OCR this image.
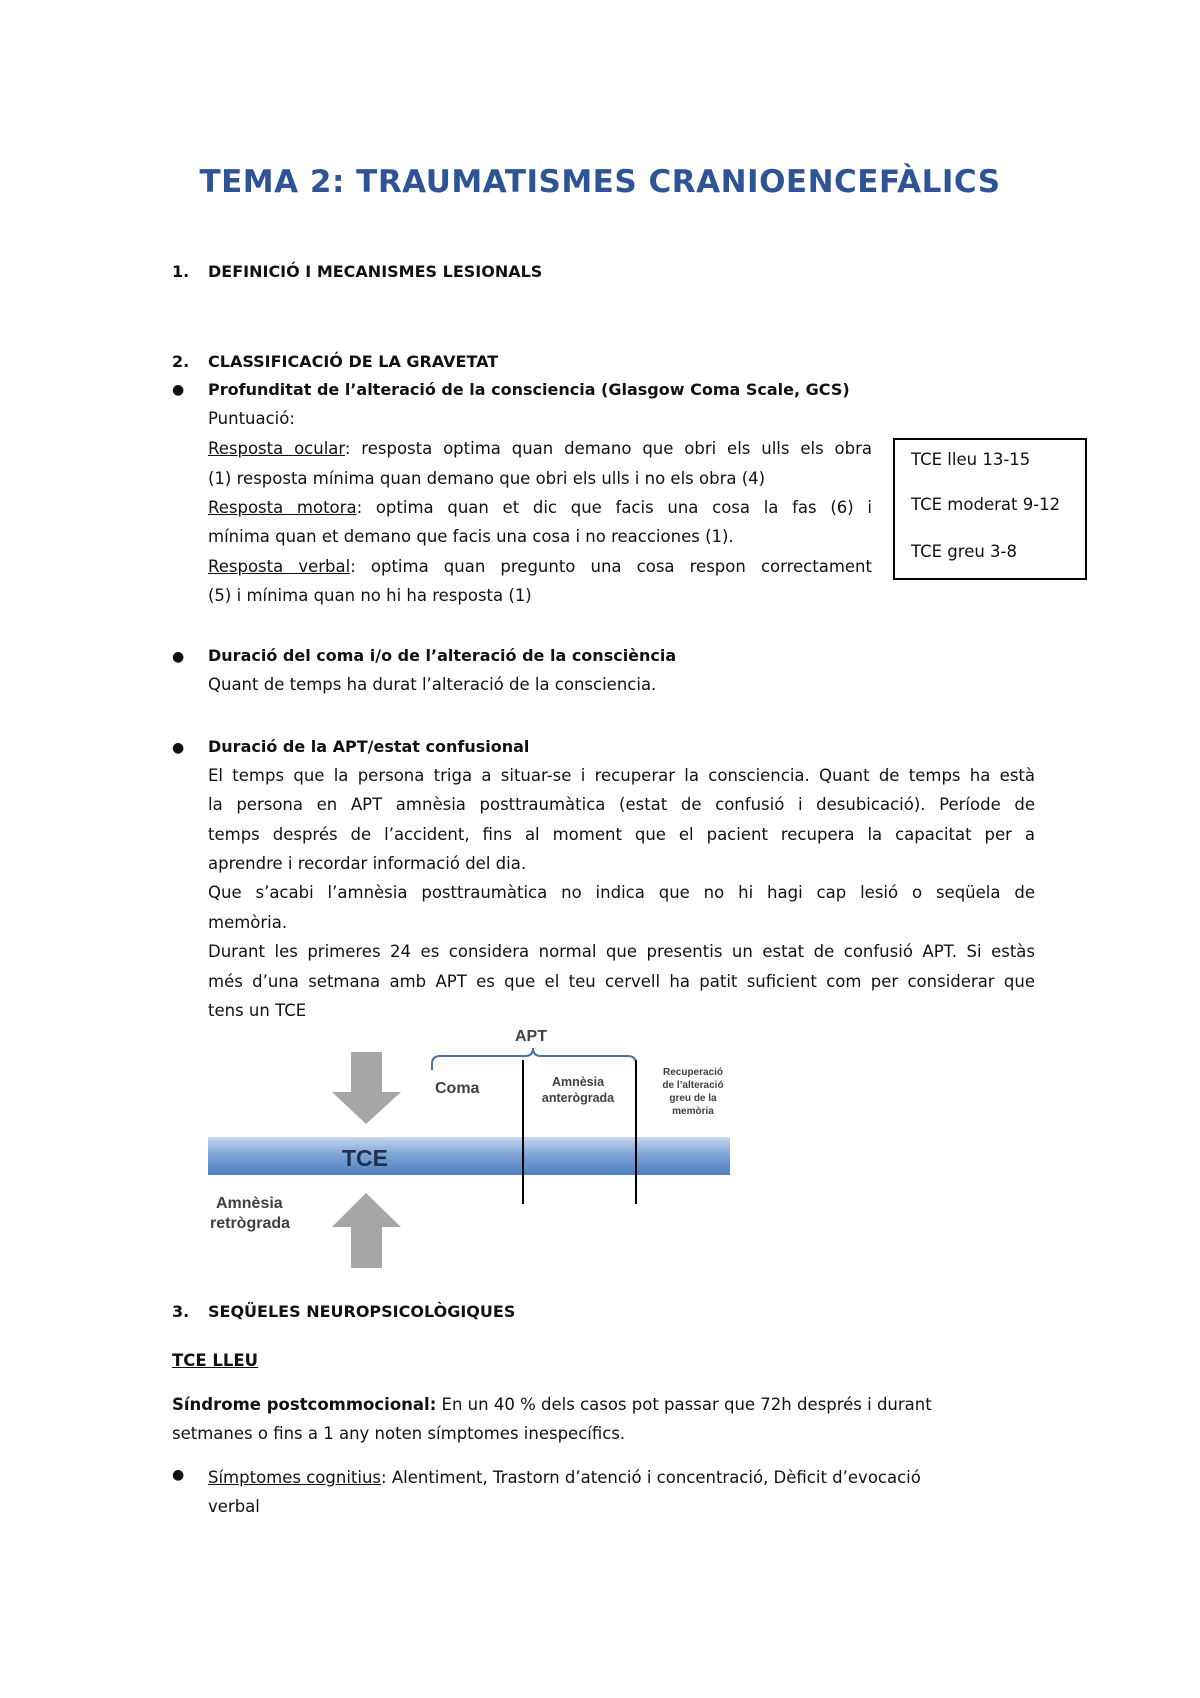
TEMA 2: TRAUMATISMES CRANIOENCEFÀLICS
1. DEFINICIÓ I MECANISMES LESIONALS
2. CLASSIFICACIÓ DE LA GRAVETAT
● Profunditat de l’alteració de la consciencia (Glasgow Coma Scale, GCS)
Puntuació:
Resposta ocular: resposta optima quan demano que obri els ulls els obra
(1) resposta mínima quan demano que obri els ulls i no els obra (4)
Resposta motora: optima quan et dic que facis una cosa la fas (6) i
mínima quan et demano que facis una cosa i no reacciones (1).
Resposta verbal: optima quan pregunto una cosa respon correctament
(5) i mínima quan no hi ha resposta (1)
TCE lleu 13-15
TCE moderat 9-12
TCE greu 3-8
● Duració del coma i/o de l’alteració de la consciència
Quant de temps ha durat l’alteració de la consciencia.
● Duració de la APT/estat confusional
El temps que la persona triga a situar-se i recuperar la consciencia. Quant de temps ha està
la persona en APT amnèsia posttraumàtica (estat de confusió i desubicació). Període de
temps després de l’accident, fins al moment que el pacient recupera la capacitat per a
aprendre i recordar informació del dia.
Que s’acabi l’amnèsia posttraumàtica no indica que no hi hagi cap lesió o seqüela de
memòria.
Durant les primeres 24 es considera normal que presentis un estat de confusió APT. Si estàs
més d’una setmana amb APT es que el teu cervell ha patit suficient com per considerar que
tens un TCE
TCE
APT
Coma	Amnèsia
anterògrada
Recuperació
de l’alteració
greu de la
memòria
Amnèsia
retrògrada
3. SEQÜELES NEUROPSICOLÒGIQUES
TCE LLEU
Síndrome postcommocional: En un 40 % dels casos pot passar que 72h després i durant
setmanes o fins a 1 any noten símptomes inespecífics.
● Símptomes cognitius: Alentiment, Trastorn d’atenció i concentració, Dèficit d’evocació
verbal
